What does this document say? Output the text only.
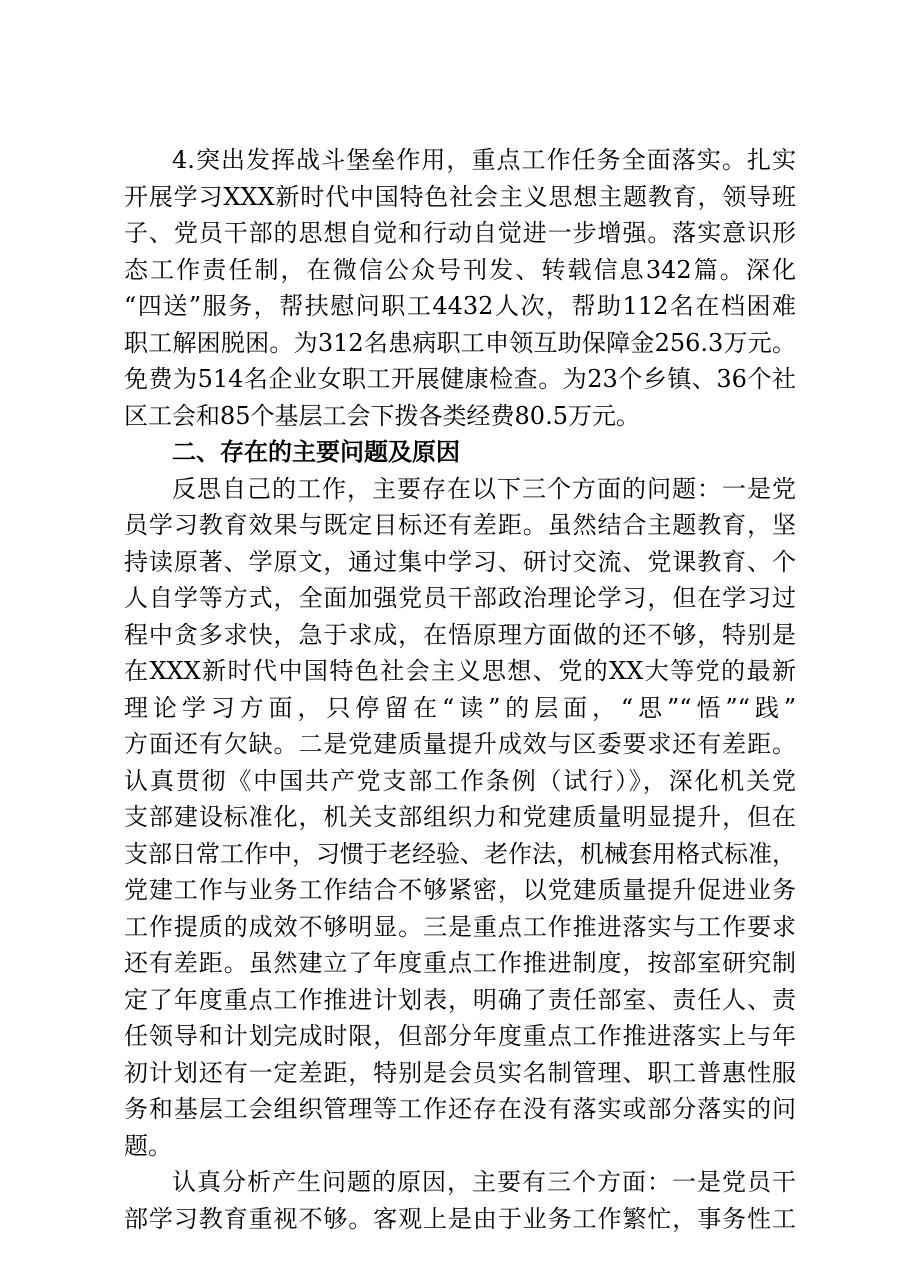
4.突出发挥战斗堡垒作用，重点工作任务全面落实。扎实
开展学习XXX新时代中国特色社会主义思想主题教育，领导班
子、党员干部的思想自觉和行动自觉进一步增强。落实意识形
态工作责任制，在微信公众号刊发、转载信息342篇。深化
“四送”服务，帮扶慰问职工4432人次，帮助112名在档困难
职工解困脱困。为312名患病职工申领互助保障金256.3万元。
免费为514名企业女职工开展健康检查。为23个乡镇、36个社
区工会和85个基层工会下拨各类经费80.5万元。
二、存在的主要问题及原因
反思自己的工作，主要存在以下三个方面的问题：一是党
员学习教育效果与既定目标还有差距。虽然结合主题教育，坚
持读原著、学原文，通过集中学习、研讨交流、党课教育、个
人自学等方式，全面加强党员干部政治理论学习，但在学习过
程中贪多求快，急于求成，在悟原理方面做的还不够，特别是
在XXX新时代中国特色社会主义思想、党的XX大等党的最新
理论学习方面，只停留在“读”的层面，“思”“悟”“践”
方面还有欠缺。二是党建质量提升成效与区委要求还有差距。
认真贯彻《中国共产党支部工作条例（试行）》，深化机关党
支部建设标准化，机关支部组织力和党建质量明显提升，但在
支部日常工作中，习惯于老经验、老作法，机械套用格式标准，
党建工作与业务工作结合不够紧密，以党建质量提升促进业务
工作提质的成效不够明显。三是重点工作推进落实与工作要求
还有差距。虽然建立了年度重点工作推进制度，按部室研究制
定了年度重点工作推进计划表，明确了责任部室、责任人、责
任领导和计划完成时限，但部分年度重点工作推进落实上与年
初计划还有一定差距，特别是会员实名制管理、职工普惠性服
务和基层工会组织管理等工作还存在没有落实或部分落实的问
题。
认真分析产生问题的原因，主要有三个方面：一是党员干
部学习教育重视不够。客观上是由于业务工作繁忙，事务性工
